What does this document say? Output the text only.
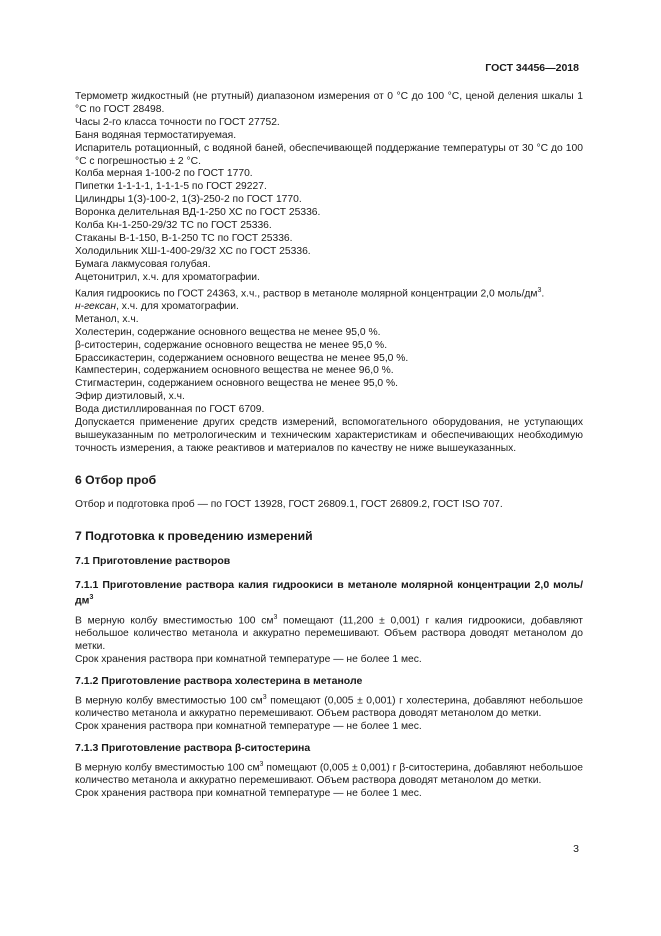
ГОСТ 34456—2018

Термометр жидкостный (не ртутный) диапазоном измерения от 0 °C до 100 °C, ценой деления шкалы 1 °C по ГОСТ 28498.

Часы 2-го класса точности по ГОСТ 27752.

Баня водяная термостатируемая.

Испаритель ротационный, с водяной баней, обеспечивающей поддержание температуры от 30 °C до 100 °C с погрешностью ± 2 °C.

Колба мерная 1-100-2 по ГОСТ 1770.

Пипетки 1-1-1-1, 1-1-1-5 по ГОСТ 29227.

Цилиндры 1(3)-100-2, 1(3)-250-2 по ГОСТ 1770.

Воронка делительная ВД-1-250 ХС по ГОСТ 25336.

Колба Кн-1-250-29/32 ТС по ГОСТ 25336.

Стаканы В-1-150, В-1-250 ТС по ГОСТ 25336.

Холодильник ХШ-1-400-29/32 ХС по ГОСТ 25336.

Бумага лакмусовая голубая.

Ацетонитрил, х.ч. для хроматографии.

Калия гидроокись по ГОСТ 24363, х.ч., раствор в метаноле молярной концентрации 2,0 моль/$дм^3$.

н-гексан, х.ч. для хроматографии.

Метанол, х.ч.

Холестерин, содержание основного вещества не менее 95,0 %.

β-ситостерин, содержание основного вещества не менее 95,0 %.

Брассикастерин, содержанием основного вещества не менее 95,0 %.

Кампестерин, содержанием основного вещества не менее 96,0 %.

Стигмастерин, содержанием основного вещества не менее 95,0 %.

Эфир диэтиловый, х.ч.

Вода дистиллированная по ГОСТ 6709.

Допускается применение других средств измерений, вспомогательного оборудования, не уступающих вышеуказанным по метрологическим и техническим характеристикам и обеспечивающих необходимую точность измерения, а также реактивов и материалов по качеству не ниже вышеуказанных.

6 Отбор проб

Отбор и подготовка проб — по ГОСТ 13928, ГОСТ 26809.1, ГОСТ 26809.2, ГОСТ ISO 707.

7 Подготовка к проведению измерений
7.1 Приготовление растворов
7.1.1 Приготовление раствора калия гидроокиси в метаноле молярной концентрации 2,0 моль/$дм^3$

В мерную колбу вместимостью 100 $см^3$ помещают (11,200 ± 0,001) г калия гидроокиси, добавляют небольшое количество метанола и аккуратно перемешивают. Объем раствора доводят метанолом до метки.

Срок хранения раствора при комнатной температуре — не более 1 мес.

7.1.2 Приготовление раствора холестерина в метаноле

В мерную колбу вместимостью 100 $см^3$ помещают (0,005 ± 0,001) г холестерина, добавляют небольшое количество метанола и аккуратно перемешивают. Объем раствора доводят метанолом до метки.

Срок хранения раствора при комнатной температуре — не более 1 мес.

7.1.3 Приготовление раствора β-ситостерина

В мерную колбу вместимостью 100 $см^3$ помещают (0,005 ± 0,001) г β-ситостерина, добавляют небольшое количество метанола и аккуратно перемешивают. Объем раствора доводят метанолом до метки.

Срок хранения раствора при комнатной температуре — не более 1 мес.

3
